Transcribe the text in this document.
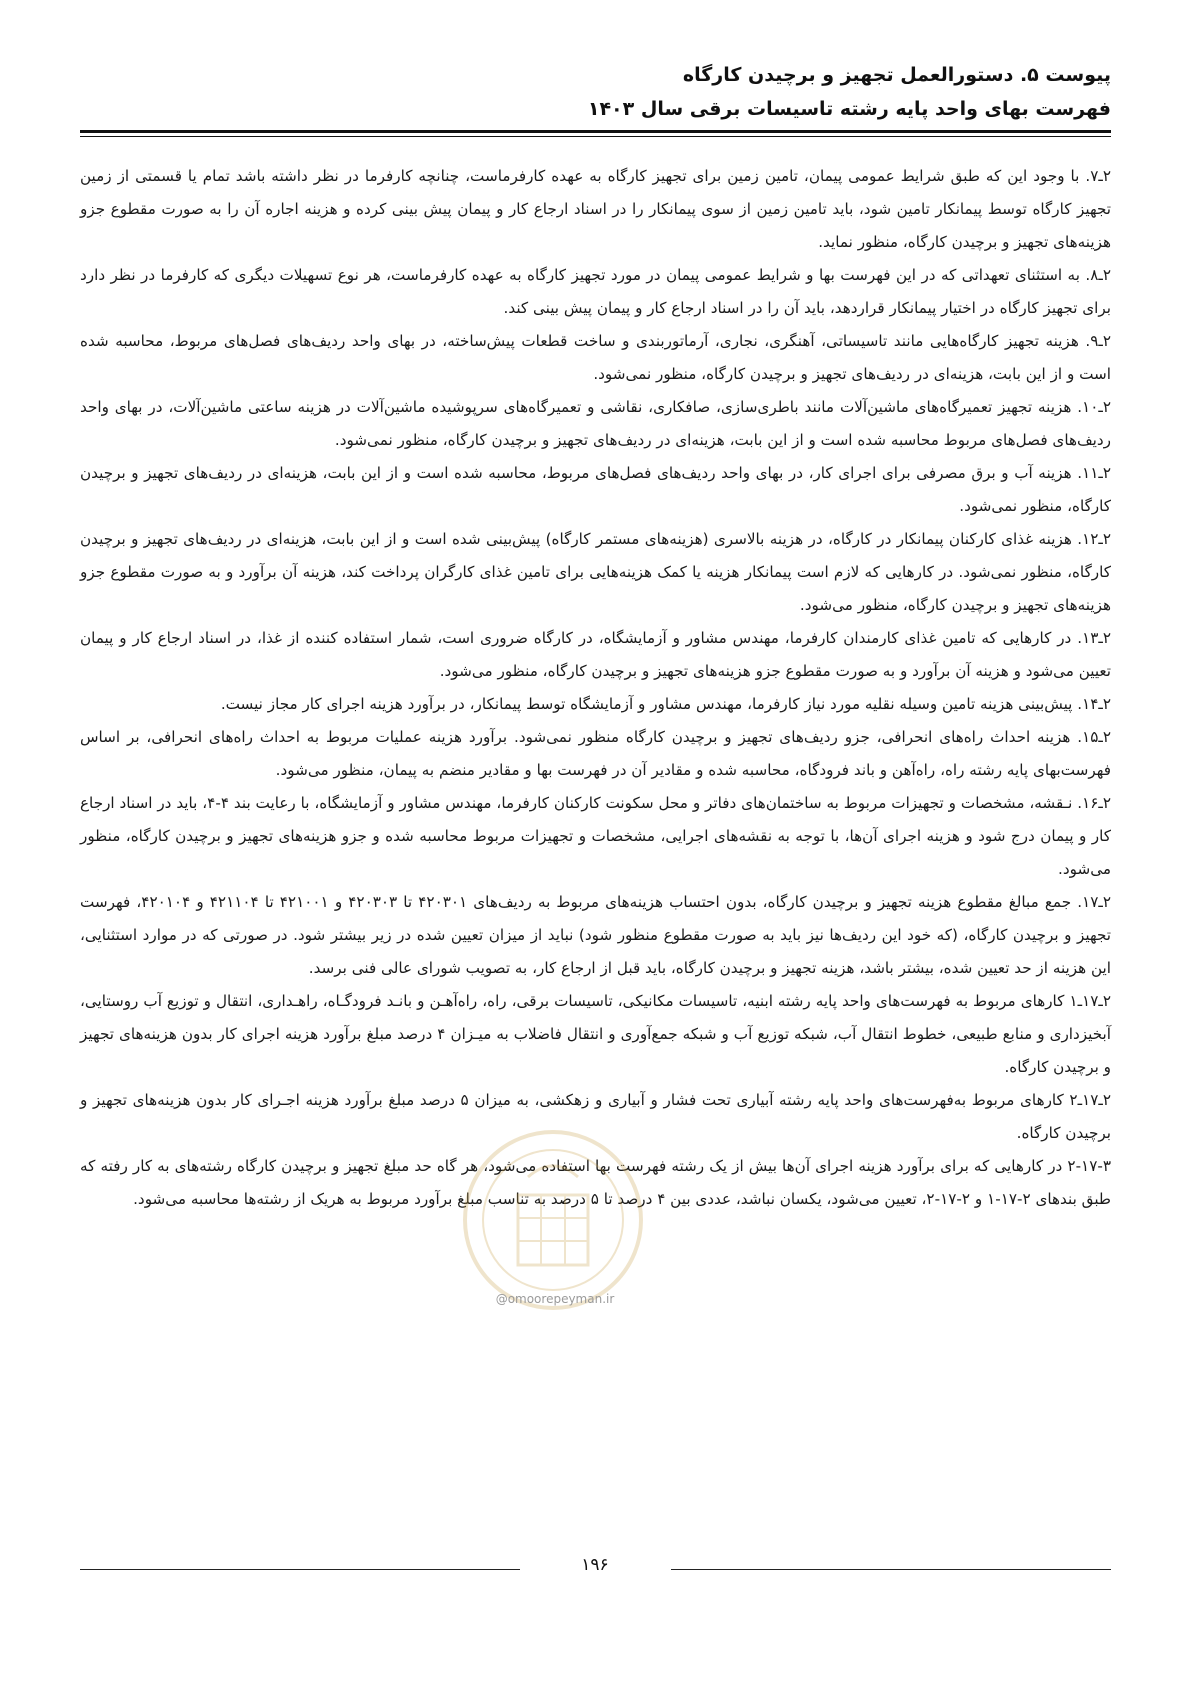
پیوست ۵. دستورالعمل تجهیز و برچیدن کارگاه
فهرست بهای واحد پایه رشته تاسیسات برقی سال ۱۴۰۳

۲ـ۷. با وجود این که طبق شرایط عمومی پیمان، تامین زمین برای تجهیز کارگاه به عهده کارفرماست، چنانچه کارفرما در نظر داشته باشد تمام یا قسمتی از زمین تجهیز کارگاه توسط پیمانکار تامین شود، باید تامین زمین از سوی پیمانکار را در اسناد ارجاع کار و پیمان پیش بینی کرده و هزینه اجاره آن را به صورت مقطوع جزو هزینه‌های تجهیز و برچیدن کارگاه، منظور نماید.

۲ـ۸. به استثنای تعهداتی که در این فهرست بها و شرایط عمومی پیمان در مورد تجهیز کارگاه به عهده کارفرماست، هر نوع تسهیلات دیگری که کارفرما در نظر دارد برای تجهیز کارگاه در اختیار پیمانکار قراردهد، باید آن را در اسناد ارجاع کار و پیمان پیش بینی کند.

۲ـ۹. هزینه تجهیز کارگاه‌هایی مانند تاسیساتی، آهنگری، نجاری، آرماتوربندی و ساخت قطعات پیش‌ساخته، در بهای واحد ردیف‌های فصل‌های مربوط، محاسبه شده است و از این بابت، هزینه‌ای در ردیف‌های تجهیز و برچیدن کارگاه، منظور نمی‌شود.

۲ـ۱۰. هزینه تجهیز تعمیرگاه‌های ماشین‌آلات مانند باطری‌سازی، صافکاری، نقاشی و تعمیرگاه‌های سرپوشیده ماشین‌آلات در هزینه ساعتی ماشین‌آلات، در بهای واحد ردیف‌های فصل‌های مربوط محاسبه شده است و از این بابت، هزینه‌ای در ردیف‌های تجهیز و برچیدن کارگاه، منظور نمی‌شود.

۲ـ۱۱. هزینه آب و برق مصرفی برای اجرای کار، در بهای واحد ردیف‌های فصل‌های مربوط، محاسبه شده است و از این بابت، هزینه‌ای در ردیف‌های تجهیز و برچیدن کارگاه، منظور نمی‌شود.

۲ـ۱۲. هزینه غذای کارکنان پیمانکار در کارگاه، در هزینه بالاسری (هزینه‌های مستمر کارگاه) پیش‌بینی شده است و از این بابت، هزینه‌ای در ردیف‌های تجهیز و برچیدن کارگاه، منظور نمی‌شود. در کارهایی که لازم است پیمانکار هزینه یا کمک هزینه‌هایی برای تامین غذای کارگران پرداخت کند، هزینه آن برآورد و به صورت مقطوع جزو هزینه‌های تجهیز و برچیدن کارگاه، منظور می‌شود.

۲ـ۱۳. در کارهایی که تامین غذای کارمندان کارفرما، مهندس مشاور و آزمایشگاه، در کارگاه ضروری است، شمار استفاده کننده از غذا، در اسناد ارجاع کار و پیمان تعیین می‌شود و هزینه آن برآورد و به صورت مقطوع جزو هزینه‌های تجهیز و برچیدن کارگاه، منظور می‌شود.

۲ـ۱۴. پیش‌بینی هزینه تامین وسیله نقلیه مورد نیاز کارفرما، مهندس مشاور و آزمایشگاه توسط پیمانکار، در برآورد هزینه اجرای کار مجاز نیست.

۲ـ۱۵. هزینه احداث راه‌های انحرافی، جزو ردیف‌های تجهیز و برچیدن کارگاه منظور نمی‌شود. برآورد هزینه عملیات مربوط به احداث راه‌های انحرافی، بر اساس فهرست‌بهای پایه رشته راه، راه‌آهن و باند فرودگاه، محاسبه شده و مقادیر آن در فهرست بها و مقادیر منضم به پیمان، منظور می‌شود.

۲ـ۱۶. نـقشه، مشخصات و تجهیزات مربوط به ساختمان‌های دفاتر و محل سکونت کارکنان کارفرما، مهندس مشاور و آزمایشگاه، با رعایت بند ۴-۴، باید در اسناد ارجاع کار و پیمان درج شود و هزینه اجرای آن‌ها، با توجه به نقشه‌های اجرایی، مشخصات و تجهیزات مربوط محاسبه شده و جزو هزینه‌های تجهیز و برچیدن کارگاه، منظور می‌شود.

۲ـ۱۷. جمع مبالغ مقطوع هزینه تجهیز و برچیدن کارگاه، بدون احتساب هزینه‌های مربوط به ردیف‌های ۴۲۰۳۰۱ تا ۴۲۰۳۰۳ و ۴۲۱۰۰۱ تا ۴۲۱۱۰۴ و ۴۲۰۱۰۴، فهرست تجهیز و برچیدن کارگاه، (که خود این ردیف‌ها نیز باید به صورت مقطوع منظور شود) نباید از میزان تعیین شده در زیر بیشتر شود. در صورتی که در موارد استثنایی، این هزینه از حد تعیین شده، بیشتر باشد، هزینه تجهیز و برچیدن کارگاه، باید قبل از ارجاع کار، به تصویب شورای عالی فنی برسد.

۲ـ۱۷ـ۱ کارهای مربوط به فهرست‌های واحد پایه رشته ابنیه، تاسیسات مکانیکی، تاسیسات برقی، راه، راه‌آهـن و بانـد فرودگـاه، راهـداری، انتقال و توزیع آب روستایی، آبخیزداری و منابع طبیعی، خطوط انتقال آب، شبکه توزیع آب و شبکه جمع‌آوری و انتقال فاضلاب به میـزان ۴ درصد مبلغ برآورد هزینه اجرای کار بدون هزینه‌های تجهیز و برچیدن کارگاه.

۲ـ۱۷ـ۲ کارهای مربوط به‌فهرست‌های واحد پایه رشته آبیاری تحت فشار و آبیاری و زهکشی، به میزان ۵ درصد مبلغ برآورد هزینه اجـرای کار بدون هزینه‌های تجهیز و برچیدن کارگاه.

۲-۱۷-۳ در کارهایی که برای برآورد هزینه اجرای آن‌ها بیش از یک رشته فهرست بها استفاده می‌شود، هر گاه حد مبلغ تجهیز و برچیدن کارگاه رشته‌های به کار رفته که طبق بندهای ۲-۱۷-۱ و ۲-۱۷-۲، تعیین می‌شود، یکسان نباشد، عددی بین ۴ درصد تا ۵ درصد به تناسب مبلغ برآورد مربوط به هریک از رشته‌ها محاسبه می‌شود.

@omoorepeyman.ir
۱۹۶
